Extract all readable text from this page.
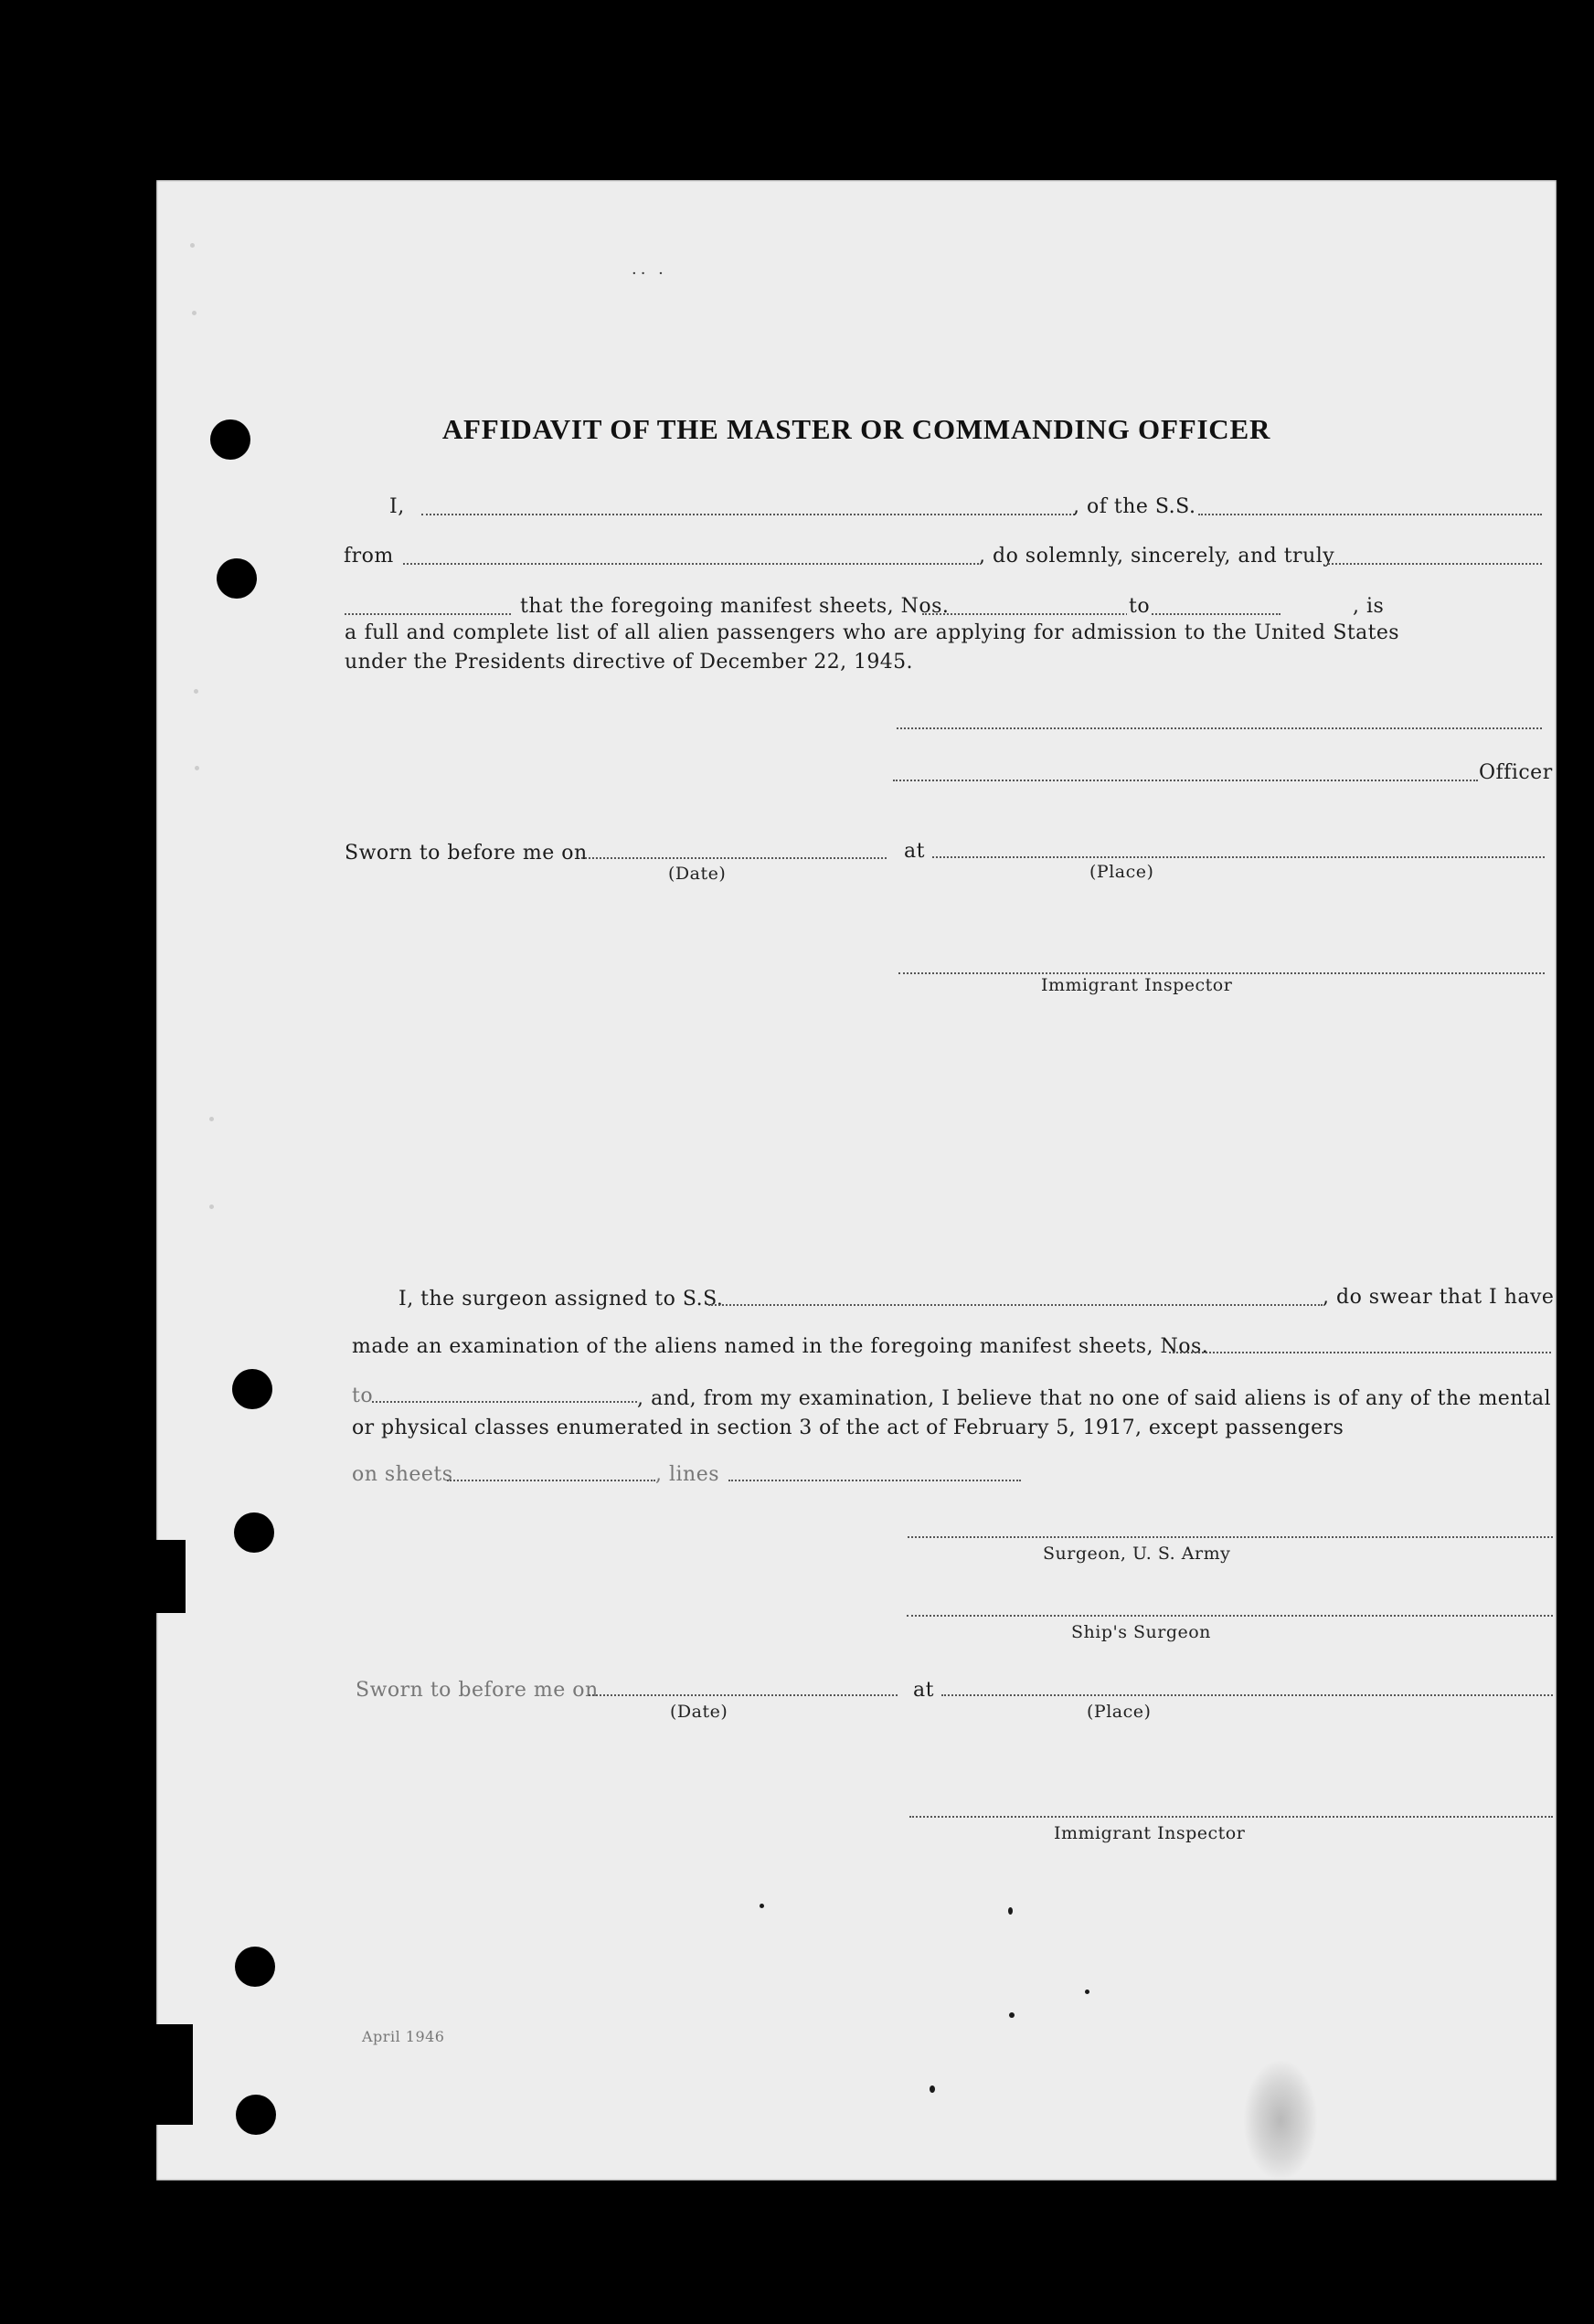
·· ·
AFFIDAVIT OF THE MASTER OR COMMANDING OFFICER
I,	, of the S.S.
from	, do solemnly, sincerely, and truly
that the foregoing manifest sheets, Nos.	to	, is
a full and complete list of all alien passengers who are applying for admission to the United States under the Presidents directive of December 22, 1945.
Officer
Sworn to before me on	at
(Date)	(Place)
Immigrant Inspector
I, the surgeon assigned to S.S.	, do swear that I have
made an examination of the aliens named in the foregoing manifest sheets, Nos.
to	, and, from my examination, I believe that no one of said aliens is of any of the mental or physical classes enumerated in section 3 of the act of February 5, 1917, except passengers
on sheets	, lines
Surgeon, U. S. Army
Ship's Surgeon
Sworn to before me on	at
(Date)	(Place)
Immigrant Inspector
April 1946
